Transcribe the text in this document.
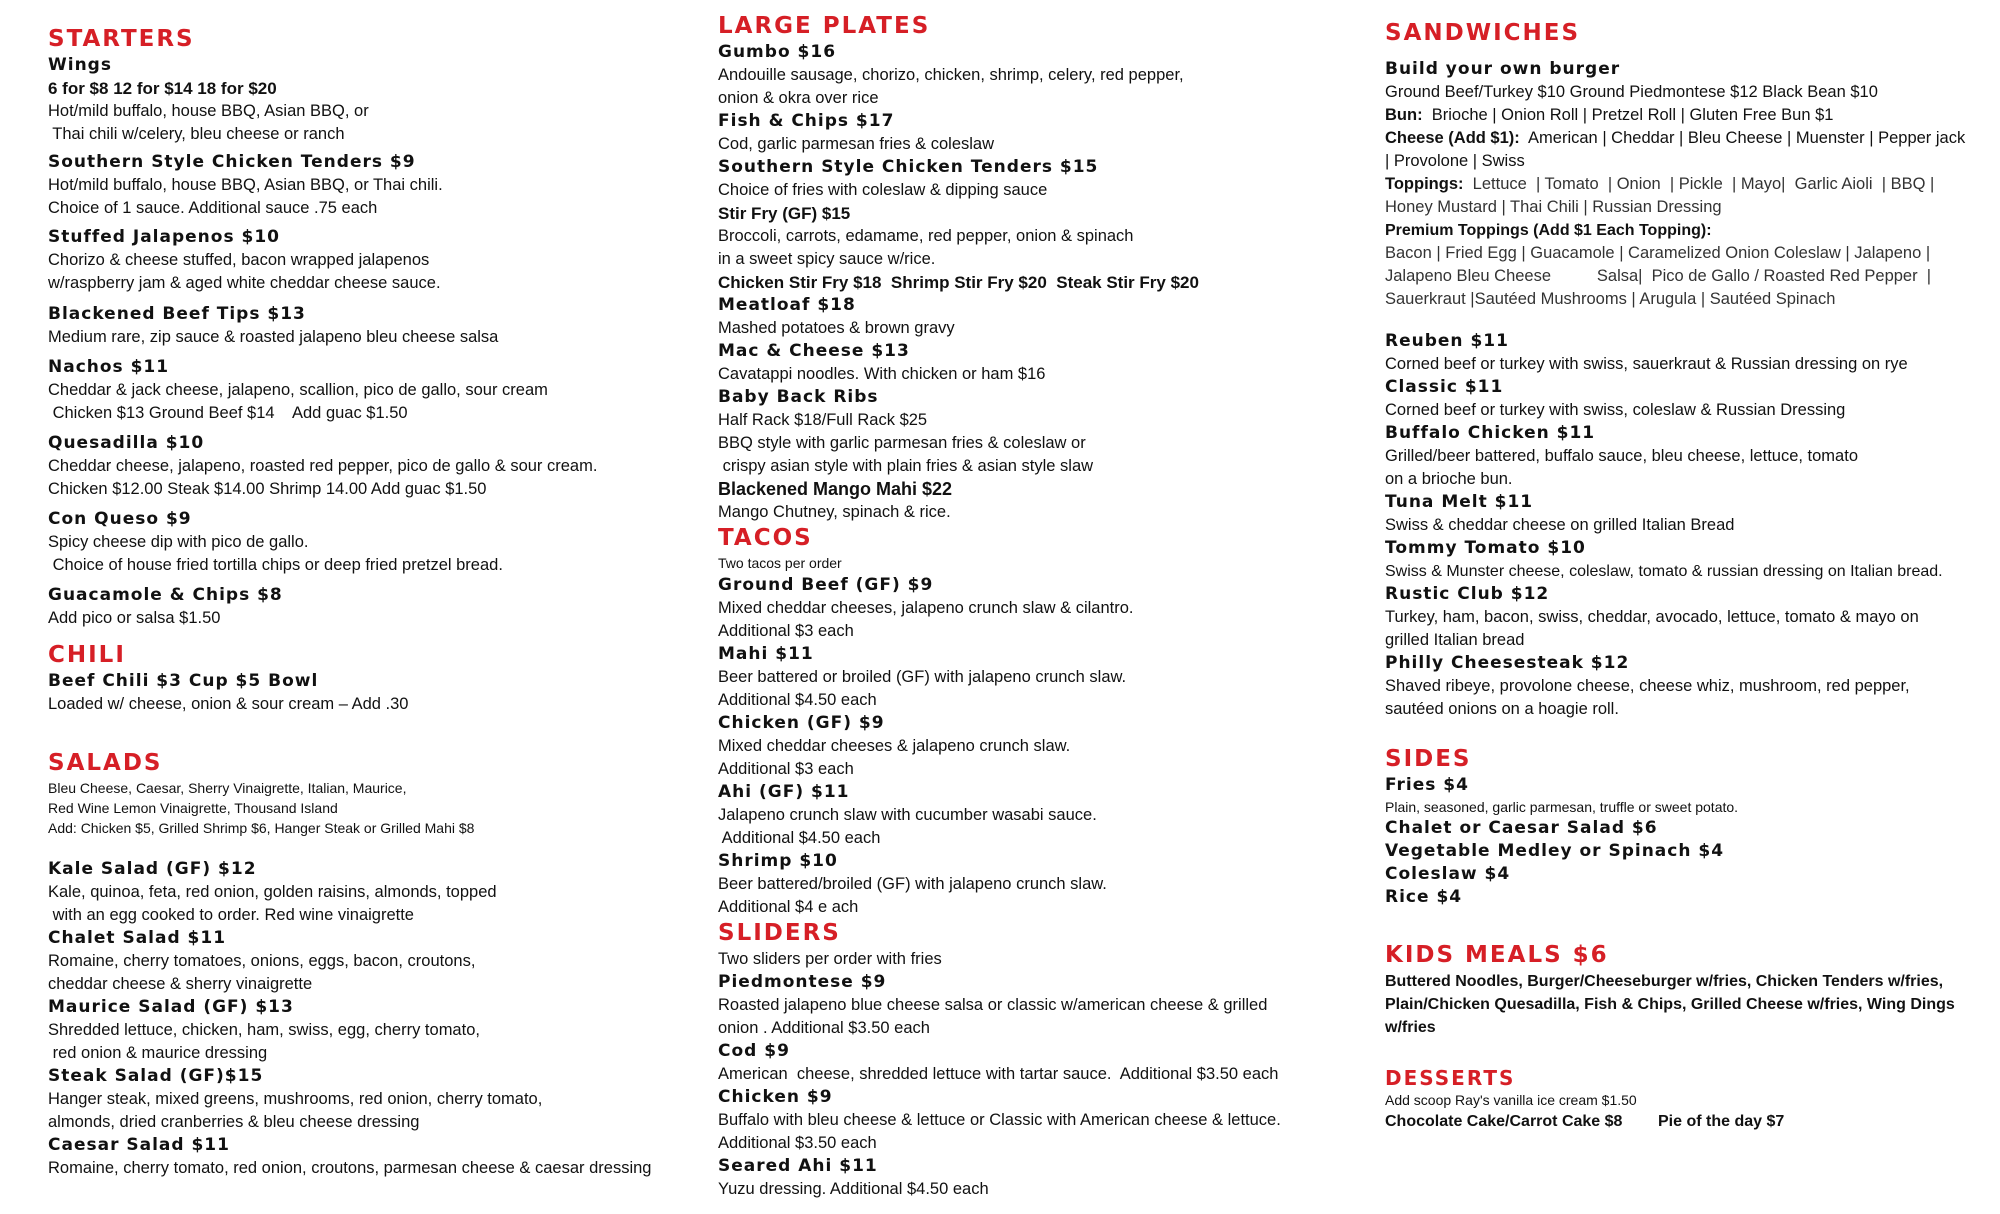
STARTERS
Wings
6 for $8 12 for $14 18 for $20
Hot/mild buffalo, house BBQ, Asian BBQ, or
Thai chili w/celery, bleu cheese or ranch
Southern Style Chicken Tenders $9
Hot/mild buffalo, house BBQ, Asian BBQ, or Thai chili.
Choice of 1 sauce. Additional sauce .75 each
Stuffed Jalapenos $10
Chorizo & cheese stuffed, bacon wrapped jalapenos
w/raspberry jam & aged white cheddar cheese sauce.
Blackened Beef Tips $13
Medium rare, zip sauce & roasted jalapeno bleu cheese salsa
Nachos $11
Cheddar & jack cheese, jalapeno, scallion, pico de gallo, sour cream
Chicken $13 Ground Beef $14    Add guac $1.50
Quesadilla $10
Cheddar cheese, jalapeno, roasted red pepper, pico de gallo & sour cream.
Chicken $12.00 Steak $14.00 Shrimp 14.00 Add guac $1.50
Con Queso $9
Spicy cheese dip with pico de gallo.
Choice of house fried tortilla chips or deep fried pretzel bread.
Guacamole & Chips $8
Add pico or salsa $1.50
CHILI
Beef Chili $3 Cup $5 Bowl
Loaded w/ cheese, onion & sour cream – Add .30
SALADS
Bleu Cheese, Caesar, Sherry Vinaigrette, Italian, Maurice,
Red Wine Lemon Vinaigrette, Thousand Island
Add: Chicken $5, Grilled Shrimp $6, Hanger Steak or Grilled Mahi $8
Kale Salad (GF) $12
Kale, quinoa, feta, red onion, golden raisins, almonds, topped
with an egg cooked to order. Red wine vinaigrette
Chalet Salad $11
Romaine, cherry tomatoes, onions, eggs, bacon, croutons,
cheddar cheese & sherry vinaigrette
Maurice Salad (GF) $13
Shredded lettuce, chicken, ham, swiss, egg, cherry tomato,
red onion & maurice dressing
Steak Salad (GF)$15
Hanger steak, mixed greens, mushrooms, red onion, cherry tomato,
almonds, dried cranberries & bleu cheese dressing
Caesar Salad $11
Romaine, cherry tomato, red onion, croutons, parmesan cheese & caesar dressing
LARGE PLATES
Gumbo $16
Andouille sausage, chorizo, chicken, shrimp, celery, red pepper,
onion & okra over rice
Fish & Chips $17
Cod, garlic parmesan fries & coleslaw
Southern Style Chicken Tenders $15
Choice of fries with coleslaw & dipping sauce
Stir Fry (GF) $15
Broccoli, carrots, edamame, red pepper, onion & spinach
in a sweet spicy sauce w/rice.
Chicken Stir Fry $18  Shrimp Stir Fry $20  Steak Stir Fry $20
Meatloaf $18
Mashed potatoes & brown gravy
Mac & Cheese $13
Cavatappi noodles. With chicken or ham $16
Baby Back Ribs
Half Rack $18/Full Rack $25
BBQ style with garlic parmesan fries & coleslaw or
crispy asian style with plain fries & asian style slaw
Blackened Mango Mahi $22
Mango Chutney, spinach & rice.
TACOS
Two tacos per order
Ground Beef (GF) $9
Mixed cheddar cheeses, jalapeno crunch slaw & cilantro.
Additional $3 each
Mahi $11
Beer battered or broiled (GF) with jalapeno crunch slaw.
Additional $4.50 each
Chicken (GF) $9
Mixed cheddar cheeses & jalapeno crunch slaw.
Additional $3 each
Ahi (GF) $11
Jalapeno crunch slaw with cucumber wasabi sauce.
Additional $4.50 each
Shrimp $10
Beer battered/broiled (GF) with jalapeno crunch slaw.
Additional $4 e ach
SLIDERS
Two sliders per order with fries
Piedmontese $9
Roasted jalapeno blue cheese salsa or classic w/american cheese & grilled
onion . Additional $3.50 each
Cod $9
American  cheese, shredded lettuce with tartar sauce.  Additional $3.50 each
Chicken $9
Buffalo with bleu cheese & lettuce or Classic with American cheese & lettuce.
Additional $3.50 each
Seared Ahi $11
Yuzu dressing. Additional $4.50 each
SANDWICHES
Build your own burger
Ground Beef/Turkey $10 Ground Piedmontese $12 Black Bean $10
Bun:  Brioche | Onion Roll | Pretzel Roll | Gluten Free Bun $1
Cheese (Add $1):  American | Cheddar | Bleu Cheese | Muenster | Pepper jack
| Provolone | Swiss
Toppings:  Lettuce  | Tomato  | Onion  | Pickle  | Mayo|  Garlic Aioli  | BBQ |
Honey Mustard | Thai Chili | Russian Dressing
Premium Toppings (Add $1 Each Topping):
Bacon | Fried Egg | Guacamole | Caramelized Onion Coleslaw | Jalapeno |
Jalapeno Bleu Cheese          Salsa|  Pico de Gallo / Roasted Red Pepper  |
Sauerkraut |Sautéed Mushrooms | Arugula | Sautéed Spinach
Reuben $11
Corned beef or turkey with swiss, sauerkraut & Russian dressing on rye
Classic $11
Corned beef or turkey with swiss, coleslaw & Russian Dressing
Buffalo Chicken $11
Grilled/beer battered, buffalo sauce, bleu cheese, lettuce, tomato
on a brioche bun.
Tuna Melt $11
Swiss & cheddar cheese on grilled Italian Bread
Tommy Tomato $10
Swiss & Munster cheese, coleslaw, tomato & russian dressing on Italian bread.
Rustic Club $12
Turkey, ham, bacon, swiss, cheddar, avocado, lettuce, tomato & mayo on
grilled Italian bread
Philly Cheesesteak $12
Shaved ribeye, provolone cheese, cheese whiz, mushroom, red pepper,
sautéed onions on a hoagie roll.
SIDES
Fries $4
Plain, seasoned, garlic parmesan, truffle or sweet potato.
Chalet or Caesar Salad $6
Vegetable Medley or Spinach $4
Coleslaw $4
Rice $4
KIDS MEALS $6
Buttered Noodles, Burger/Cheeseburger w/fries, Chicken Tenders w/fries,
Plain/Chicken Quesadilla, Fish & Chips, Grilled Cheese w/fries, Wing Dings
w/fries
DESSERTS
Add scoop Ray's vanilla ice cream $1.50
Chocolate Cake/Carrot Cake $8        Pie of the day $7
